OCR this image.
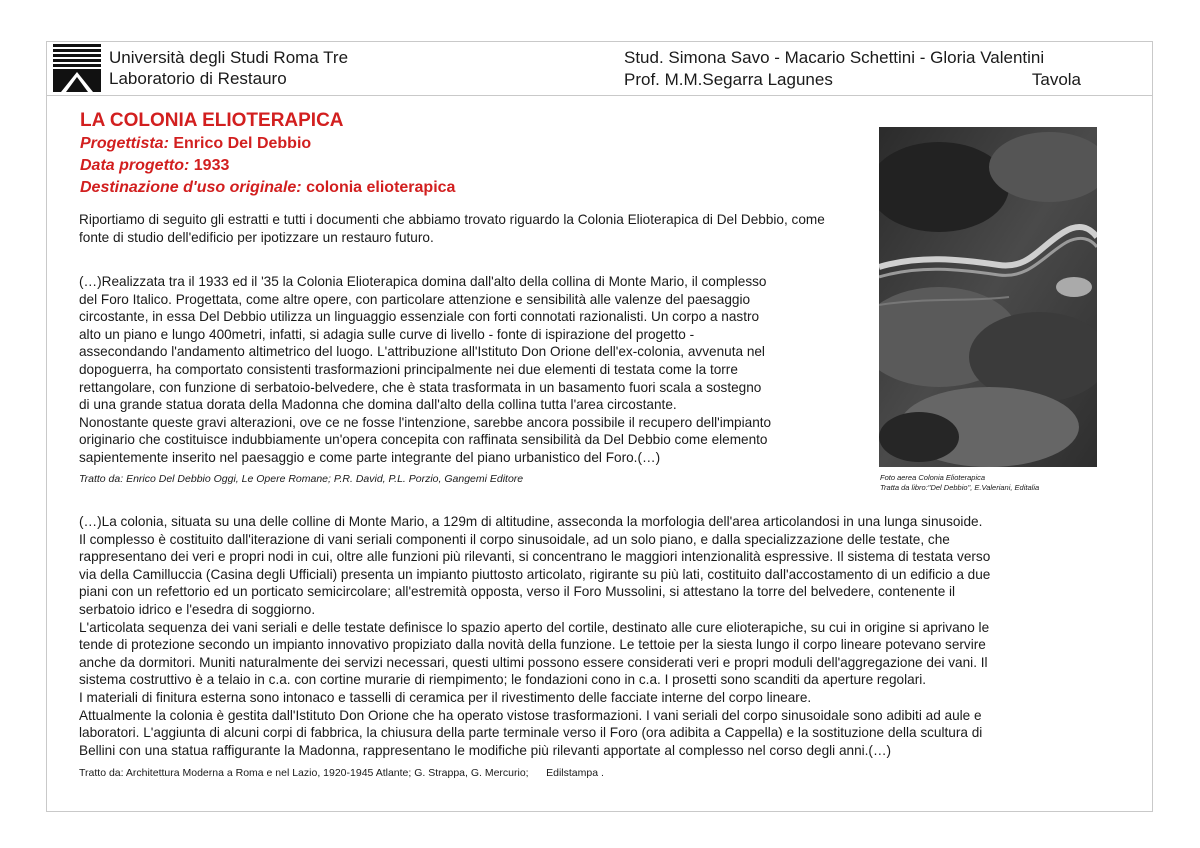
Università degli Studi Roma Tre
Laboratorio di Restauro
Stud. Simona Savo - Macario Schettini - Gloria Valentini
Prof. M.M.Segarra Lagunes	Tavola
LA COLONIA ELIOTERAPICA
Progettista: Enrico Del Debbio
Data progetto: 1933
Destinazione d'uso originale: colonia elioterapica
Riportiamo di seguito gli estratti e tutti i documenti che abbiamo trovato riguardo la Colonia Elioterapica di Del Debbio, come fonte di studio dell'edificio per ipotizzare un restauro futuro.
(…)Realizzata tra il 1933 ed il '35 la Colonia Elioterapica domina dall'alto della collina di Monte Mario, il complesso
del Foro Italico. Progettata, come altre opere, con particolare attenzione e sensibilità alle valenze del paesaggio
circostante, in essa Del Debbio utilizza un linguaggio essenziale con forti connotati razionalisti. Un corpo a nastro
alto un piano e lungo 400metri, infatti, si adagia sulle curve di livello - fonte di ispirazione del progetto -
assecondando l'andamento altimetrico del luogo. L'attribuzione all'Istituto Don Orione dell'ex-colonia, avvenuta nel
dopoguerra, ha comportato consistenti trasformazioni principalmente nei due elementi di testata come la torre
rettangolare, con funzione di serbatoio-belvedere, che è stata trasformata in un basamento fuori scala a sostegno
di una grande statua dorata della Madonna che domina dall'alto della collina tutta l'area circostante.
Nonostante queste gravi alterazioni, ove ce ne fosse l'intenzione, sarebbe ancora possibile il recupero dell'impianto
originario che costituisce indubbiamente un'opera concepita con raffinata sensibilità da Del Debbio come elemento
sapientemente inserito nel paesaggio e come parte integrante del piano urbanistico del Foro.(…)
Tratto da: Enrico Del Debbio Oggi, Le Opere Romane; P.R. David, P.L. Porzio, Gangemi Editore	Foto aerea Colonia Elioterapica
Tratta da libro:"Del Debbio", E.Valeriani, Editalia
(…)La colonia, situata su una delle colline di Monte Mario, a 129m di altitudine, asseconda la morfologia dell'area articolandosi in una lunga sinusoide.
Il complesso è costituito dall'iterazione di vani seriali componenti il corpo sinusoidale, ad un solo piano, e dalla specializzazione delle testate, che
rappresentano dei veri e propri nodi in cui, oltre alle funzioni più rilevanti, si concentrano le maggiori intenzionalità espressive. Il sistema di testata verso
via della Camilluccia (Casina degli Ufficiali) presenta un impianto piuttosto articolato, rigirante su più lati, costituito dall'accostamento di un edificio a due
piani con un refettorio ed un porticato semicircolare; all'estremità opposta, verso il Foro Mussolini, si attestano la torre del belvedere, contenente il
serbatoio idrico e l'esedra di soggiorno.
L'articolata sequenza dei vani seriali e delle testate definisce lo spazio aperto del cortile, destinato alle cure elioterapiche, su cui in origine si aprivano le
tende di protezione secondo un impianto innovativo propiziato dalla novità della funzione. Le tettoie per la siesta lungo il corpo lineare potevano servire
anche da dormitori. Muniti naturalmente dei servizi necessari, questi ultimi possono essere considerati veri e propri moduli dell'aggregazione dei vani. Il
sistema costruttivo è a telaio in c.a. con cortine murarie di riempimento; le fondazioni cono in c.a. I prosetti sono scanditi da aperture regolari.
I materiali di finitura esterna sono intonaco e tasselli di ceramica per il rivestimento delle facciate interne del corpo lineare.
Attualmente la colonia è gestita dall'Istituto Don Orione che ha operato vistose trasformazioni. I vani seriali del corpo sinusoidale sono adibiti ad aule e
laboratori. L'aggiunta di alcuni corpi di fabbrica, la chiusura della parte terminale verso il Foro (ora adibita a Cappella) e la sostituzione della scultura di
Bellini con una statua raffigurante la Madonna, rappresentano le modifiche più rilevanti apportate al complesso nel corso degli anni.(…)
Tratto da: Architettura Moderna a Roma e nel Lazio, 1920-1945 Atlante; G. Strappa, G. Mercurio;      Edilstampa .
